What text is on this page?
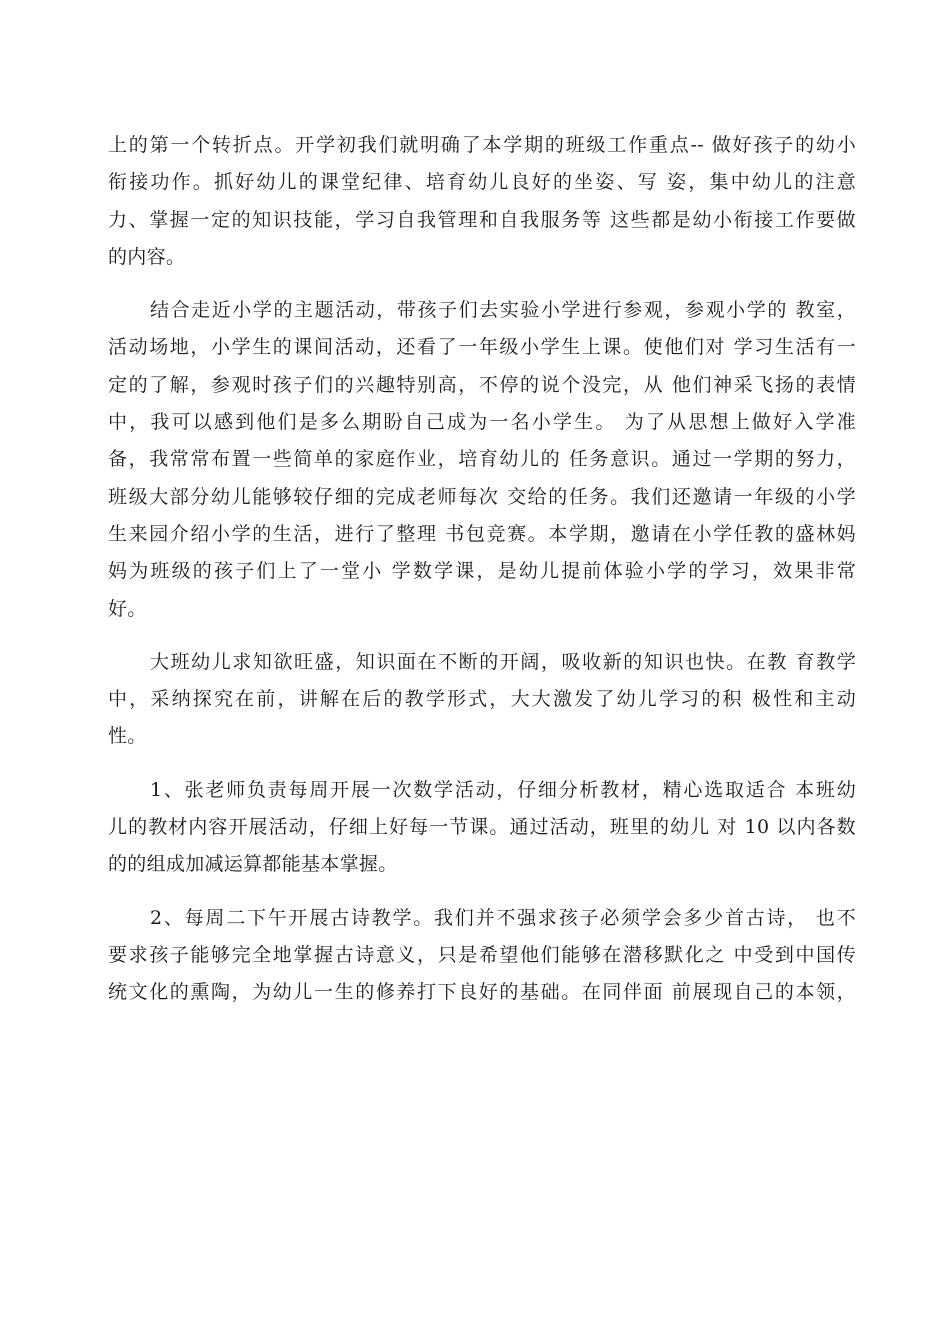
上的第一个转折点。开学初我们就明确了本学期的班级工作重点-- 做好孩子的幼小
衔接功作。抓好幼儿的课堂纪律、培育幼儿良好的坐姿、写 姿，集中幼儿的注意
力、掌握一定的知识技能，学习自我管理和自我服务等 这些都是幼小衔接工作要做
的内容。

结合走近小学的主题活动，带孩子们去实验小学进行参观，参观小学的 教室，
活动场地，小学生的课间活动，还看了一年级小学生上课。使他们对 学习生活有一
定的了解，参观时孩子们的兴趣特别高，不停的说个没完，从 他们神采飞扬的表情
中，我可以感到他们是多么期盼自己成为一名小学生。 为了从思想上做好入学准
备，我常常布置一些简单的家庭作业，培育幼儿的 任务意识。通过一学期的努力，
班级大部分幼儿能够较仔细的完成老师每次 交给的任务。我们还邀请一年级的小学
生来园介绍小学的生活，进行了整理 书包竞赛。本学期，邀请在小学任教的盛林妈
妈为班级的孩子们上了一堂小 学数学课，是幼儿提前体验小学的学习，效果非常
好。

大班幼儿求知欲旺盛，知识面在不断的开阔，吸收新的知识也快。在教 育教学
中，采纳探究在前，讲解在后的教学形式，大大激发了幼儿学习的积 极性和主动
性。

1、张老师负责每周开展一次数学活动，仔细分析教材，精心选取适合 本班幼
儿的教材内容开展活动，仔细上好每一节课。通过活动，班里的幼儿 对 10 以内各数
的的组成加减运算都能基本掌握。

2、每周二下午开展古诗教学。我们并不强求孩子必须学会多少首古诗， 也不
要求孩子能够完全地掌握古诗意义，只是希望他们能够在潜移默化之 中受到中国传
统文化的熏陶，为幼儿一生的修养打下良好的基础。在同伴面 前展现自己的本领，
